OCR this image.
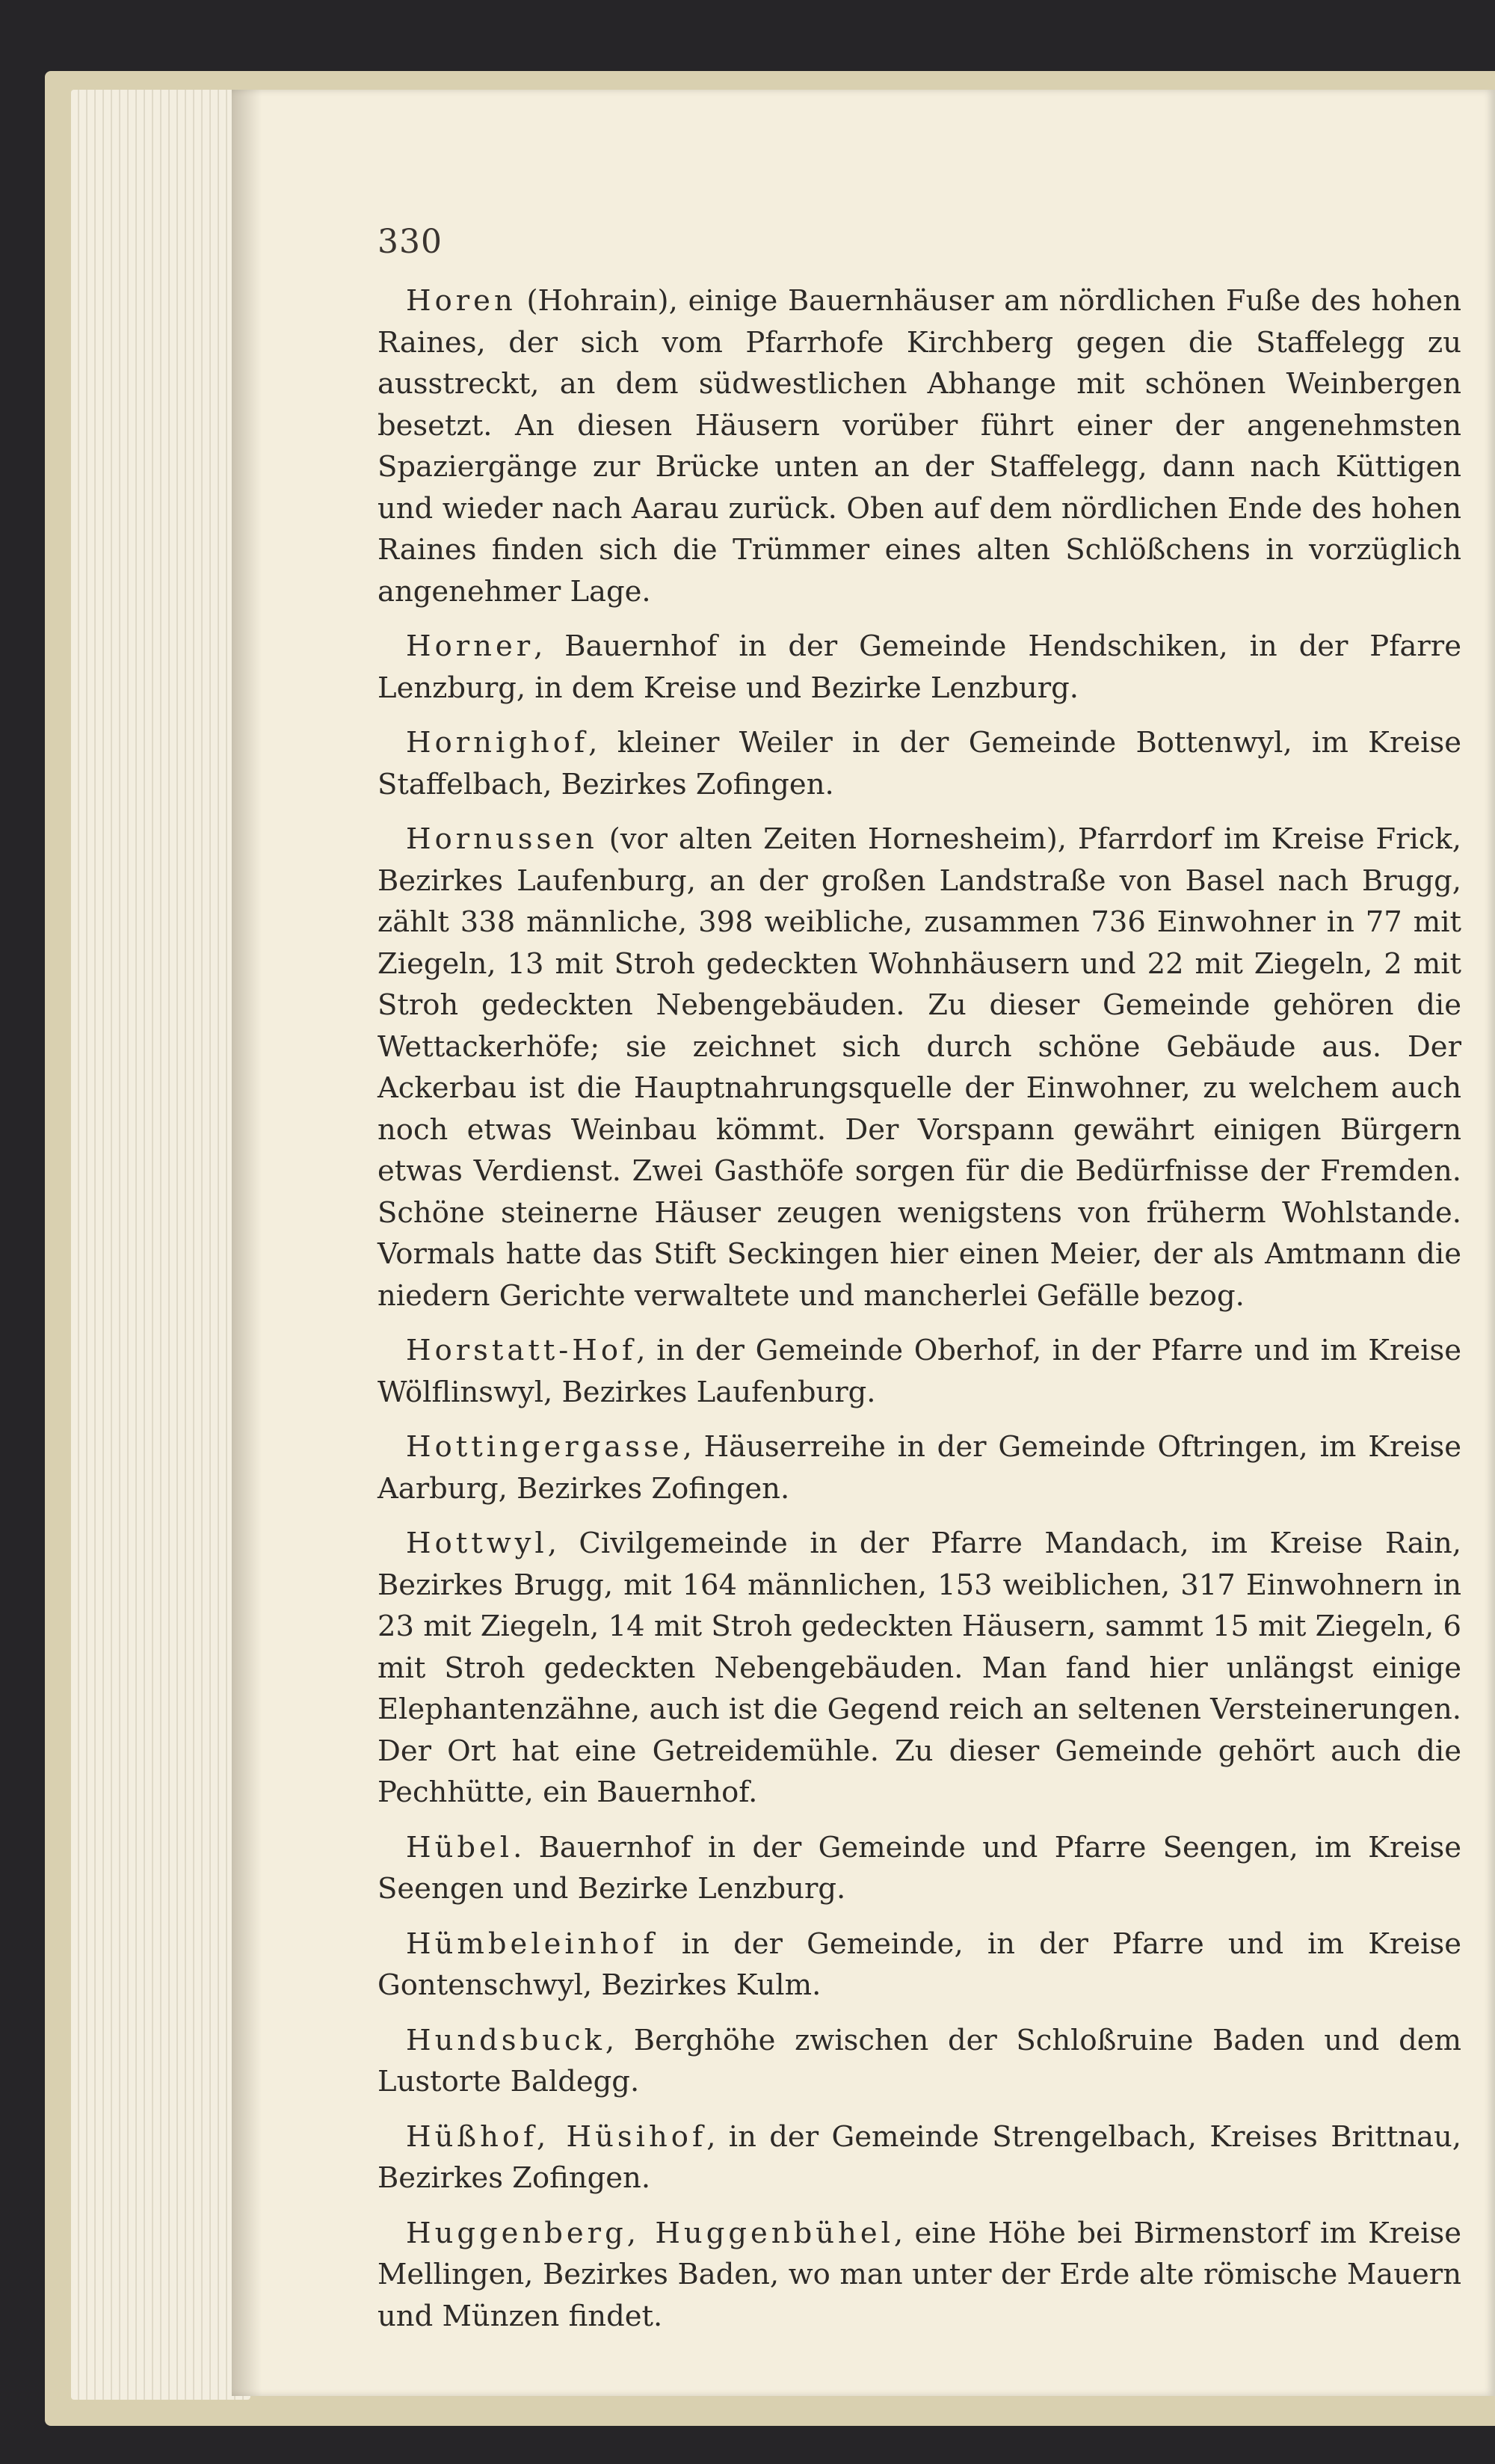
330

Horen (Hohrain), einige Bauernhäuser am nördlichen Fuße des hohen Raines, der sich vom Pfarrhofe Kirchberg gegen die Staffelegg zu ausstreckt, an dem südwestlichen Abhange mit schönen Weinbergen besetzt. An diesen Häusern vorüber führt einer der angenehmsten Spaziergänge zur Brücke unten an der Staffelegg, dann nach Küttigen und wieder nach Aarau zurück. Oben auf dem nördlichen Ende des hohen Raines finden sich die Trümmer eines alten Schlößchens in vorzüglich angenehmer Lage.

Horner, Bauernhof in der Gemeinde Hendschiken, in der Pfarre Lenzburg, in dem Kreise und Bezirke Lenzburg.

Hornighof, kleiner Weiler in der Gemeinde Bottenwyl, im Kreise Staffelbach, Bezirkes Zofingen.

Hornussen (vor alten Zeiten Hornesheim), Pfarrdorf im Kreise Frick, Bezirkes Laufenburg, an der großen Landstraße von Basel nach Brugg, zählt 338 männliche, 398 weibliche, zusammen 736 Einwohner in 77 mit Ziegeln, 13 mit Stroh gedeckten Wohnhäusern und 22 mit Ziegeln, 2 mit Stroh gedeckten Nebengebäuden. Zu dieser Gemeinde gehören die Wettackerhöfe; sie zeichnet sich durch schöne Gebäude aus. Der Ackerbau ist die Hauptnahrungsquelle der Einwohner, zu welchem auch noch etwas Weinbau kömmt. Der Vorspann gewährt einigen Bürgern etwas Verdienst. Zwei Gasthöfe sorgen für die Bedürfnisse der Fremden. Schöne steinerne Häuser zeugen wenigstens von früherm Wohlstande. Vormals hatte das Stift Seckingen hier einen Meier, der als Amtmann die niedern Gerichte verwaltete und mancherlei Gefälle bezog.

Horstatt-Hof, in der Gemeinde Oberhof, in der Pfarre und im Kreise Wölflinswyl, Bezirkes Laufenburg.

Hottingergasse, Häuserreihe in der Gemeinde Oftringen, im Kreise Aarburg, Bezirkes Zofingen.

Hottwyl, Civilgemeinde in der Pfarre Mandach, im Kreise Rain, Bezirkes Brugg, mit 164 männlichen, 153 weiblichen, 317 Einwohnern in 23 mit Ziegeln, 14 mit Stroh gedeckten Häusern, sammt 15 mit Ziegeln, 6 mit Stroh gedeckten Nebengebäuden. Man fand hier unlängst einige Elephantenzähne, auch ist die Gegend reich an seltenen Versteinerungen. Der Ort hat eine Getreidemühle. Zu dieser Gemeinde gehört auch die Pechhütte, ein Bauernhof.

Hübel. Bauernhof in der Gemeinde und Pfarre Seengen, im Kreise Seengen und Bezirke Lenzburg.

Hümbeleinhof in der Gemeinde, in der Pfarre und im Kreise Gontenschwyl, Bezirkes Kulm.

Hundsbuck, Berghöhe zwischen der Schloßruine Baden und dem Lustorte Baldegg.

Hüßhof, Hüsihof, in der Gemeinde Strengelbach, Kreises Brittnau, Bezirkes Zofingen.

Huggenberg, Huggenbühel, eine Höhe bei Birmenstorf im Kreise Mellingen, Bezirkes Baden, wo man unter der Erde alte römische Mauern und Münzen findet.
